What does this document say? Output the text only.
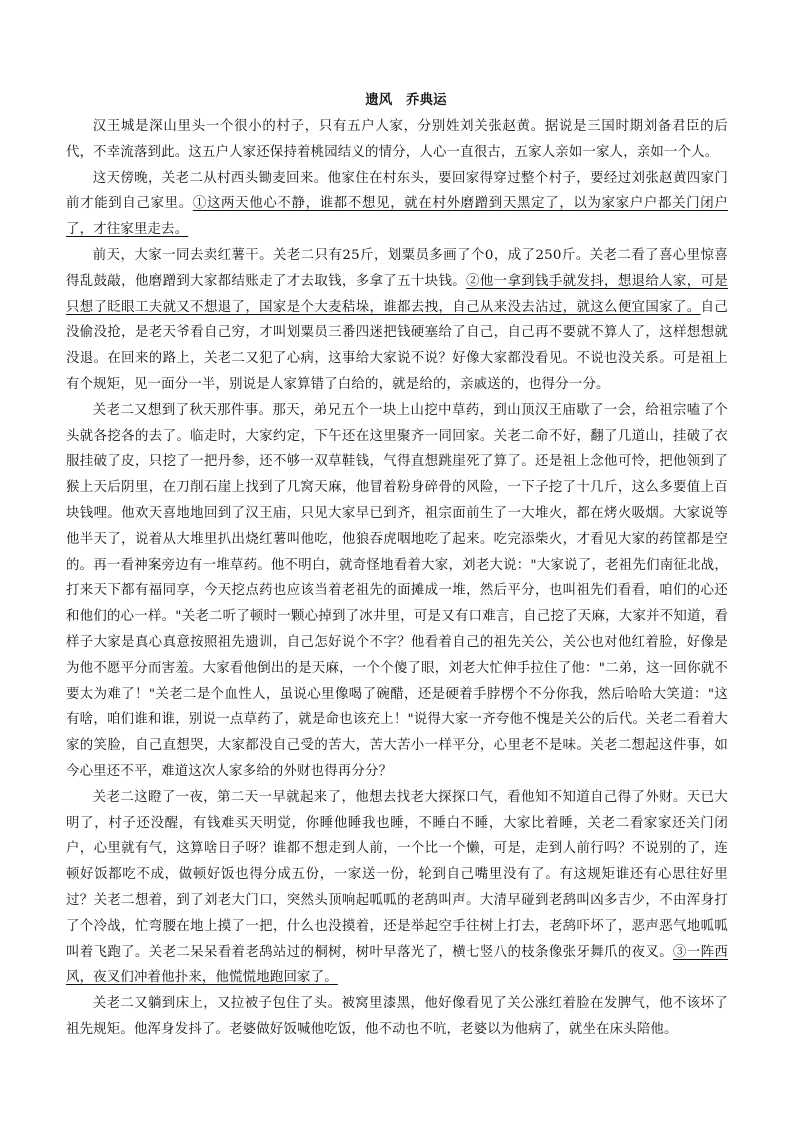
遗风　乔典运

汉王城是深山里头一个很小的村子，只有五户人家，分别姓刘关张赵黄。据说是三国时期刘备君臣的后代，不幸流落到此。这五户人家还保持着桃园结义的情分，人心一直很古，五家人亲如一家人，亲如一个人。

这天傍晚，关老二从村西头锄麦回来。他家住在村东头，要回家得穿过整个村子，要经过刘张赵黄四家门前才能到自己家里。①这两天他心不静，谁都不想见，就在村外磨蹭到天黑定了，以为家家户户都关门闭户了，才往家里走去。

前天，大家一同去卖红薯干。关老二只有25斤，划粟员多画了个0，成了250斤。关老二看了喜心里惊喜得乱鼓敲，他磨蹭到大家都结账走了才去取钱，多拿了五十块钱。②他一拿到钱手就发抖，想退给人家，可是只想了眨眼工夫就又不想退了，国家是个大麦秸垛，谁都去拽，自己从来没去沾过，就这么便宜国家了。自己没偷没抢，是老天爷看自己穷，才叫划粟员三番四迷把钱硬塞给了自己，自己再不要就不算人了，这样想想就没退。在回来的路上，关老二又犯了心病，这事给大家说不说？好像大家都没看见。不说也没关系。可是祖上有个规矩，见一面分一半，别说是人家算错了白给的，就是给的，亲戚送的，也得分一分。

关老二又想到了秋天那件事。那天，弟兄五个一块上山挖中草药，到山顶汉王庙歇了一会，给祖宗嗑了个头就各挖各的去了。临走时，大家约定，下午还在这里聚齐一同回家。关老二命不好，翻了几道山，挂破了衣服挂破了皮，只挖了一把丹参，还不够一双草鞋钱，气得直想跳崖死了算了。还是祖上念他可怜，把他领到了猴上天后阴里，在刀削石崖上找到了几窝天麻，他冒着粉身碎骨的风险，一下子挖了十几斤，这么多要值上百块钱哩。他欢天喜地地回到了汉王庙，只见大家早已到齐，祖宗面前生了一大堆火，都在烤火吸烟。大家说等他半天了，说着从大堆里扒出烧红薯叫他吃，他狼吞虎咽地吃了起来。吃完添柴火，才看见大家的药筐都是空的。再一看神案旁边有一堆草药。他不明白，就奇怪地看着大家，刘老大说："大家说了，老祖先们南征北战，打来天下都有福同享，今天挖点药也应该当着老祖先的面摊成一堆，然后平分，也叫祖先们看看，咱们的心还和他们的心一样。"关老二听了顿时一颗心掉到了冰井里，可是又有口难言，自己挖了天麻，大家并不知道，看样子大家是真心真意按照祖先遗训，自己怎好说个不字？他看着自己的祖先关公，关公也对他红着脸，好像是为他不愿平分而害羞。大家看他倒出的是天麻，一个个傻了眼，刘老大忙伸手拉住了他："二弟，这一回你就不要太为难了！"关老二是个血性人，虽说心里像喝了碗醋，还是硬着手脖楞个不分你我，然后哈哈大笑道："这有啥，咱们谁和谁，别说一点草药了，就是命也该充上！"说得大家一齐夸他不愧是关公的后代。关老二看着大家的笑脸，自己直想哭，大家都没自己受的苦大，苦大苦小一样平分，心里老不是味。关老二想起这件事，如今心里还不平，难道这次人家多给的外财也得再分分？

关老二这瞪了一夜，第二天一早就起来了，他想去找老大探探口气，看他知不知道自己得了外财。天已大明了，村子还没醒，有钱难买天明觉，你睡他睡我也睡，不睡白不睡，大家比着睡，关老二看家家还关门闭户，心里就有气，这算啥日子呀？谁都不想走到人前，一个比一个懒，可是，走到人前行吗？不说别的了，连顿好饭都吃不成，做顿好饭也得分成五份，一家送一份，轮到自己嘴里没有了。有这规矩谁还有心思往好里过？关老二想着，到了刘老大门口，突然头顶响起呱呱的老鸹叫声。大清早碰到老鸹叫凶多吉少，不由浑身打了个冷战，忙弯腰在地上摸了一把，什么也没摸着，还是举起空手往树上打去，老鸹吓坏了，恶声恶气地呱呱叫着飞跑了。关老二呆呆看着老鸹站过的桐树，树叶早落光了，横七竖八的枝条像张牙舞爪的夜叉。③一阵西风，夜叉们冲着他扑来，他慌慌地跑回家了。

关老二又躺到床上，又拉被子包住了头。被窝里漆黑，他好像看见了关公涨红着脸在发脾气，他不该坏了祖先规矩。他浑身发抖了。老婆做好饭喊他吃饭，他不动也不吭，老婆以为他病了，就坐在床头陪他。
